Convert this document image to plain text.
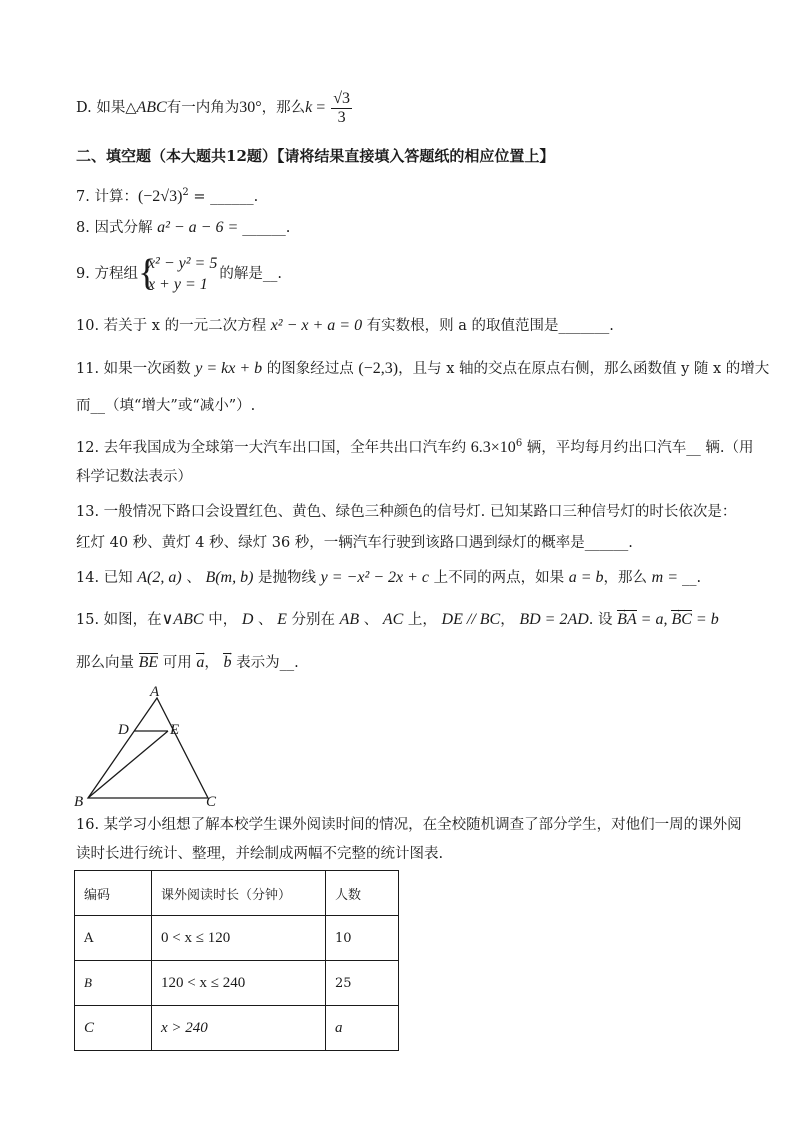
D. 如果△ABC有一内角为30°，那么$k = \frac{√3}{3}$
二、填空题（本大题共12题）【请将结果直接填入答题纸的相应位置上】
7. 计算：$(-2√3)^2$ = ______.
8. 因式分解 a² − a − 6 = ______.
9. 方程组 {
x² − y² = 5
x + y = 1
的解是__.
10. 若关于 x 的一元二次方程 x² − x + a = 0 有实数根，则 a 的取值范围是_______.
11. 如果一次函数 y = kx + b 的图象经过点 (−2,3)，且与 x 轴的交点在原点右侧，那么函数值 y 随 x 的增大
而__（填“增大”或“减小”）.
12. 去年我国成为全球第一大汽车出口国，全年共出口汽车约 $6.3\times 10^6$ 辆，平均每月约出口汽车__ 辆.（用
科学记数法表示）
13. 一般情况下路口会设置红色、黄色、绿色三种颜色的信号灯. 已知某路口三种信号灯的时长依次是：
红灯 40 秒、黄灯 4 秒、绿灯 36 秒，一辆汽车行驶到该路口遇到绿灯的概率是______.
14. 已知 A(2, a) 、 B(m, b) 是抛物线 y = −x² − 2x + c 上不同的两点，如果 a = b，那么 m = __.
15. 如图，在∨ABC 中， D 、 E 分别在 AB 、 AC 上， DE // BC， BD = 2AD. 设 BA → = a, BC → = b
那么向量 BE 可用 a →， b → 表示为__.
A
D	E
B	C
16. 某学习小组想了解本校学生课外阅读时间的情况，在全校随机调查了部分学生，对他们一周的课外阅
读时长进行统计、整理，并绘制成两幅不完整的统计图表.
编码	课外阅读时长（分钟）	人数
A	0 < x ≤ 120	10
B	120 < x ≤ 240	25
C	x > 240	a
